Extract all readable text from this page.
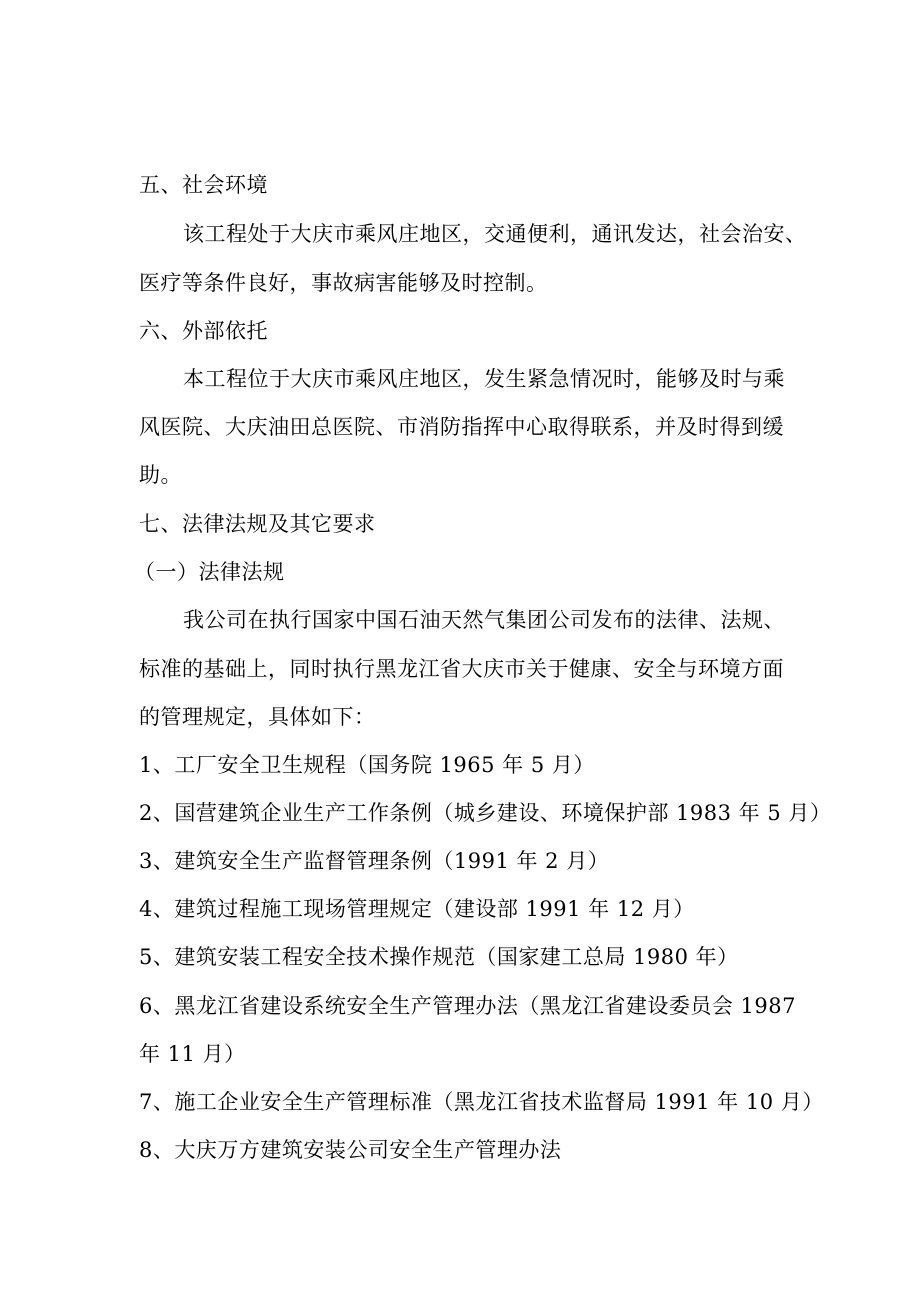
五、社会环境
该工程处于大庆市乘风庄地区，交通便利，通讯发达，社会治安、
医疗等条件良好，事故病害能够及时控制。
六、外部依托
本工程位于大庆市乘风庄地区，发生紧急情况时，能够及时与乘
风医院、大庆油田总医院、市消防指挥中心取得联系，并及时得到缓
助。
七、法律法规及其它要求
（一）法律法规
我公司在执行国家中国石油天然气集团公司发布的法律、法规、
标准的基础上，同时执行黑龙江省大庆市关于健康、安全与环境方面
的管理规定，具体如下：
1、工厂安全卫生规程（国务院 1965 年 5 月）
2、国营建筑企业生产工作条例（城乡建设、环境保护部 1983 年 5 月）
3、建筑安全生产监督管理条例（1991 年 2 月）
4、建筑过程施工现场管理规定（建设部 1991 年 12 月）
5、建筑安装工程安全技术操作规范（国家建工总局 1980 年）
6、黑龙江省建设系统安全生产管理办法（黑龙江省建设委员会 1987
年 11 月）
7、施工企业安全生产管理标准（黑龙江省技术监督局 1991 年 10 月）
8、大庆万方建筑安装公司安全生产管理办法
